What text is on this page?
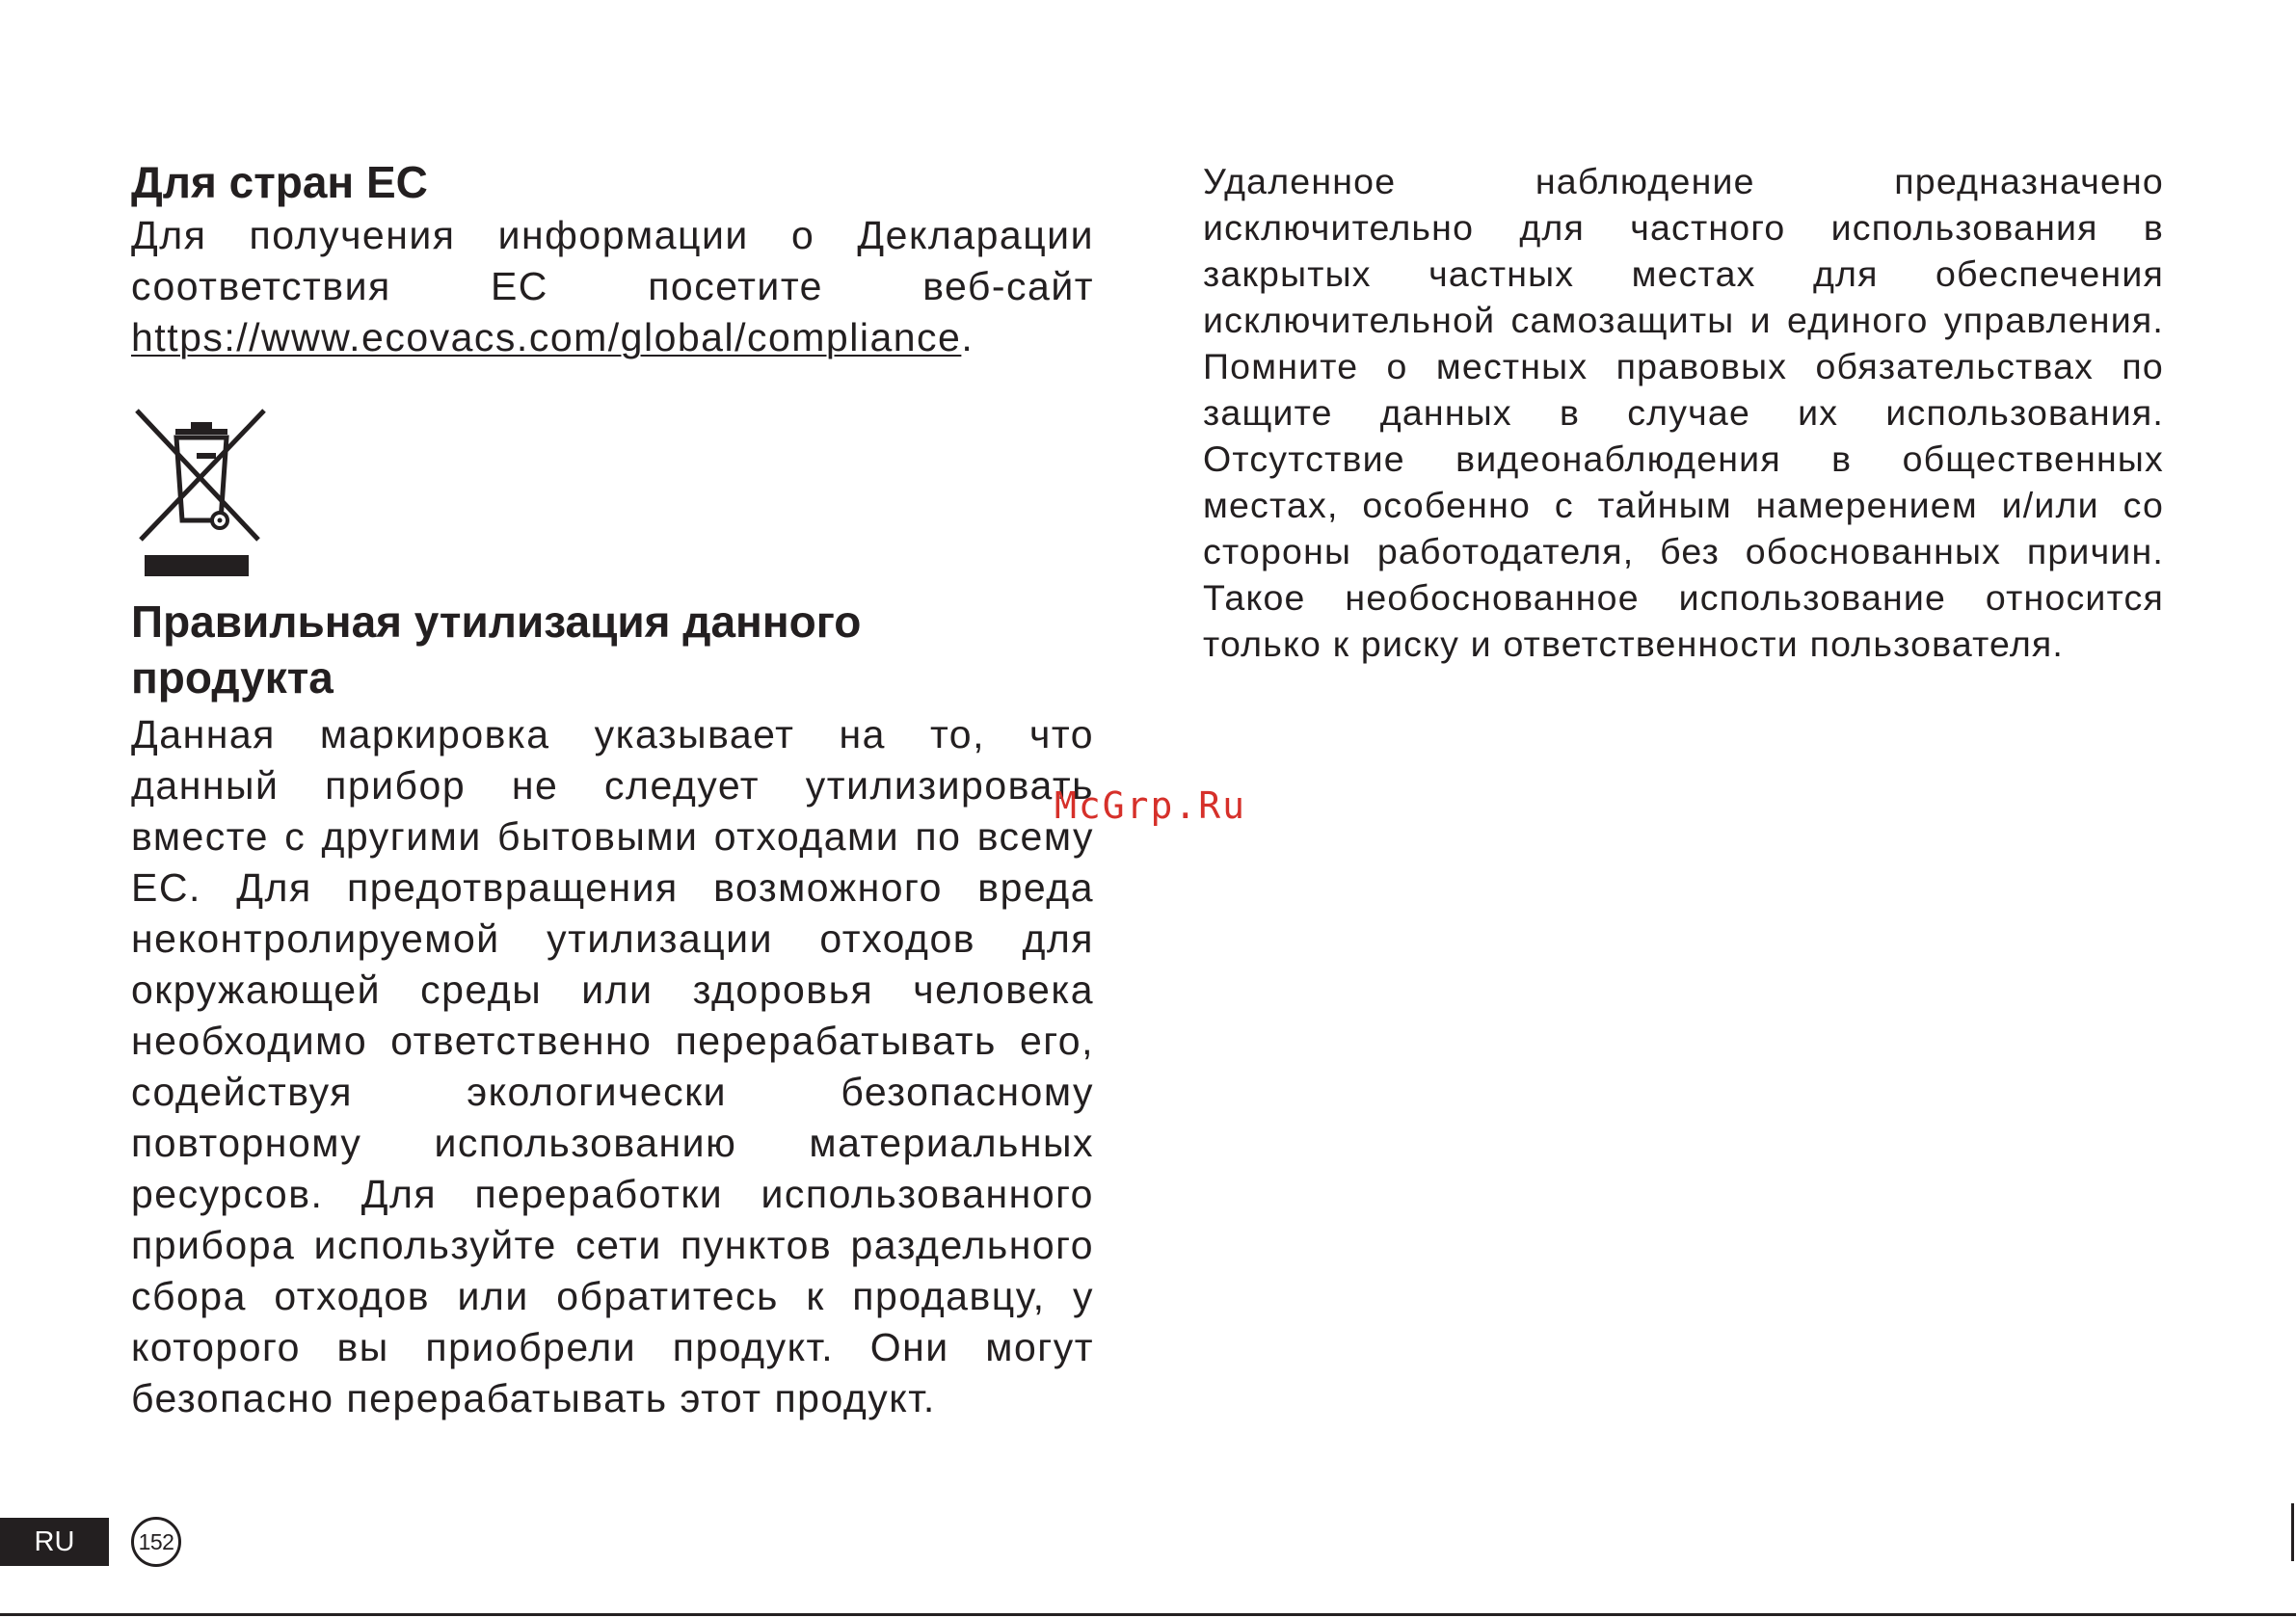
Для стран ЕС

Для получения информации о Декларации соответствия ЕС посетите веб-сайт https://www.ecovacs.com/global/compliance.

Правильная утилизация данного продукта

Данная маркировка указывает на то, что данный прибор не следует утилизировать вместе с другими бытовыми отходами по всему ЕС. Для предотвращения возможного вреда неконтролируемой утилизации отходов для окружающей среды или здоровья человека необходимо ответственно перерабатывать его, содействуя экологически безопасному повторному использованию материальных ресурсов. Для переработки использованного прибора используйте сети пунктов раздельного сбора отходов или обратитесь к продавцу, у которого вы приобрели продукт. Они могут безопасно перерабатывать этот продукт.

Удаленное наблюдение предназначено исключительно для частного использования в закрытых частных местах для обеспечения исключительной самозащиты и единого управления. Помните о местных правовых обязательствах по защите данных в случае их использования. Отсутствие видеонаблюдения в общественных местах, особенно с тайным намерением и/или со стороны работодателя, без обоснованных причин. Такое необоснованное использование относится только к риску и ответственности пользователя.

McGrp.Ru
RU	152
